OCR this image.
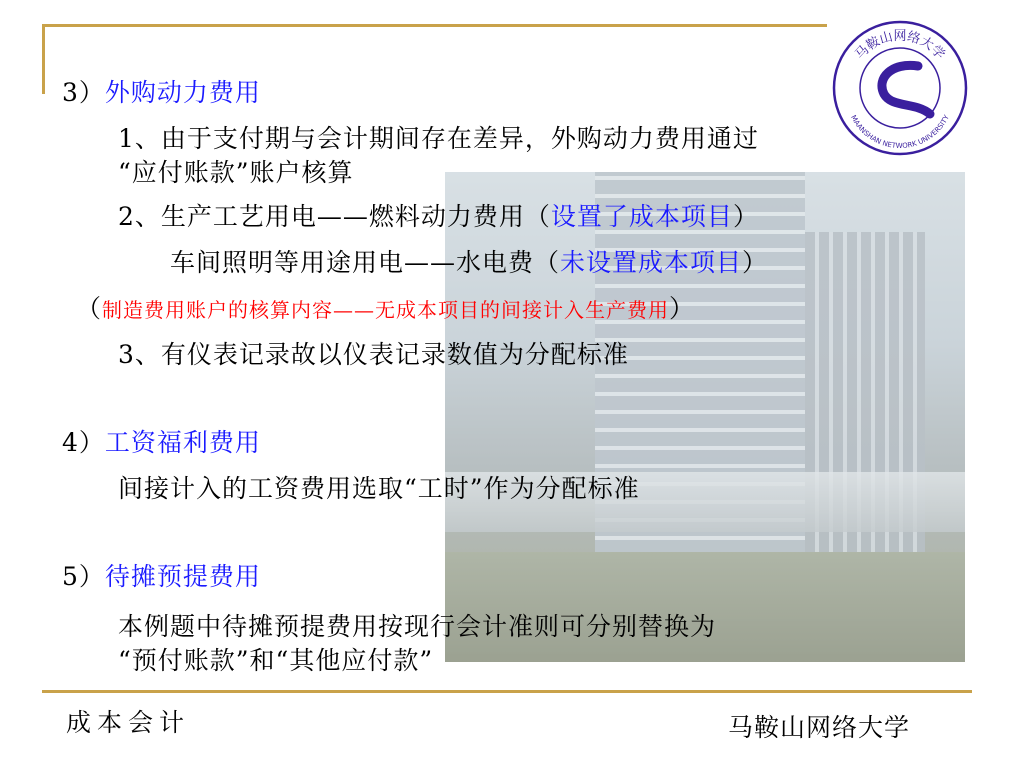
马鞍山网络大学
MAANSHAN NETWORK UNIVERSITY
3）外购动力费用
1、由于支付期与会计期间存在差异，外购动力费用通过
“应付账款”账户核算
2、生产工艺用电——燃料动力费用（设置了成本项目）
车间照明等用途用电——水电费（未设置成本项目）
（制造费用账户的核算内容——无成本项目的间接计入生产费用）
3、有仪表记录故以仪表记录数值为分配标准
4）工资福利费用
间接计入的工资费用选取“工时”作为分配标准
5）待摊预提费用
本例题中待摊预提费用按现行会计准则可分别替换为
“预付账款”和“其他应付款”
成本会计	马鞍山网络大学
